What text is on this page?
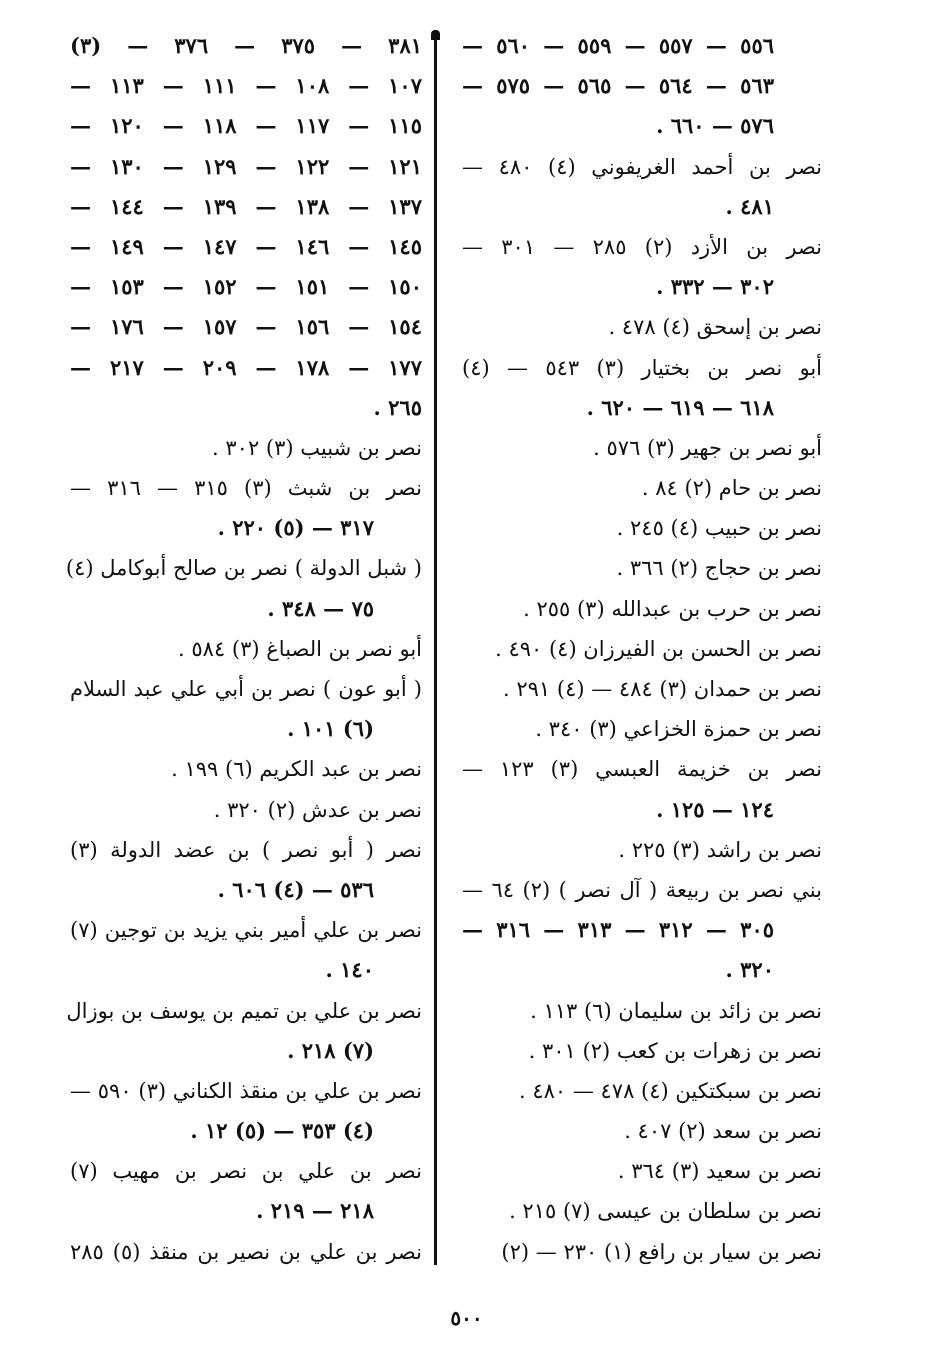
٥٥٦ — ٥٥٧ — ٥٥٩ — ٥٦٠ —
٥٦٣ — ٥٦٤ — ٥٦٥ — ٥٧٥ —
٥٧٦ — ٦٦٠ .
نصر بن أحمد الغريفوني (٤) ٤٨٠ —
٤٨١ .
نصر بن الأزد (٢) ٢٨٥ — ٣٠١ —
٣٠٢ — ٣٣٢ .
نصر بن إسحق (٤) ٤٧٨ .
أبو نصر بن بختيار (٣) ٥٤٣ — (٤)
٦١٨ — ٦١٩ — ٦٢٠ .
أبو نصر بن جهير (٣) ٥٧٦ .
نصر بن حام (٢) ٨٤ .
نصر بن حبيب (٤) ٢٤٥ .
نصر بن حجاج (٢) ٣٦٦ .
نصر بن حرب بن عبدالله (٣) ٢٥٥ .
نصر بن الحسن بن الفيرزان (٤) ٤٩٠ .
نصر بن حمدان (٣) ٤٨٤ — (٤) ٢٩١ .
نصر بن حمزة الخزاعي (٣) ٣٤٠ .
نصر بن خزيمة العبسي (٣) ١٢٣ —
١٢٤ — ١٢٥ .
نصر بن راشد (٣) ٢٢٥ .
بني نصر بن ربيعة ( آل نصر ) (٢) ٦٤ —
٣٠٥ — ٣١٢ — ٣١٣ — ٣١٦ —
٣٢٠ .
نصر بن زائد بن سليمان (٦) ١١٣ .
نصر بن زهرات بن كعب (٢) ٣٠١ .
نصر بن سبكتكين (٤) ٤٧٨ — ٤٨٠ .
نصر بن سعد (٢) ٤٠٧ .
نصر بن سعيد (٣) ٣٦٤ .
نصر بن سلطان بن عيسى (٧) ٢١٥ .
نصر بن سيار بن رافع (١) ٢٣٠ — (٢)
٣٨١ — ٣٧٥ — ٣٧٦ — (٣)
١٠٧ — ١٠٨ — ١١١ — ١١٣ —
١١٥ — ١١٧ — ١١٨ — ١٢٠ —
١٢١ — ١٢٢ — ١٢٩ — ١٣٠ —
١٣٧ — ١٣٨ — ١٣٩ — ١٤٤ —
١٤٥ — ١٤٦ — ١٤٧ — ١٤٩ —
١٥٠ — ١٥١ — ١٥٢ — ١٥٣ —
١٥٤ — ١٥٦ — ١٥٧ — ١٧٦ —
١٧٧ — ١٧٨ — ٢٠٩ — ٢١٧ —
٢٦٥ .
نصر بن شبيب (٣) ٣٠٢ .
نصر بن شبث (٣) ٣١٥ — ٣١٦ —
٣١٧ — (٥) ٢٢٠ .
( شبل الدولة ) نصر بن صالح أبوكامل (٤)
٧٥ — ٣٤٨ .
أبو نصر بن الصباغ (٣) ٥٨٤ .
( أبو عون ) نصر بن أبي علي عبد السلام
(٦) ١٠١ .
نصر بن عبد الكريم (٦) ١٩٩ .
نصر بن عدش (٢) ٣٢٠ .
نصر ( أبو نصر ) بن عضد الدولة (٣)
٥٣٦ — (٤) ٦٠٦ .
نصر بن علي أمير بني يزيد بن توجين (٧)
١٤٠ .
نصر بن علي بن تميم بن يوسف بن بوزال
(٧) ٢١٨ .
نصر بن علي بن منقذ الكناني (٣) ٥٩٠ —
(٤) ٣٥٣ — (٥) ١٢ .
نصر بن علي بن نصر بن مهيب (٧)
٢١٨ — ٢١٩ .
نصر بن علي بن نصير بن منقذ (٥) ٢٨٥
٥٠٠
